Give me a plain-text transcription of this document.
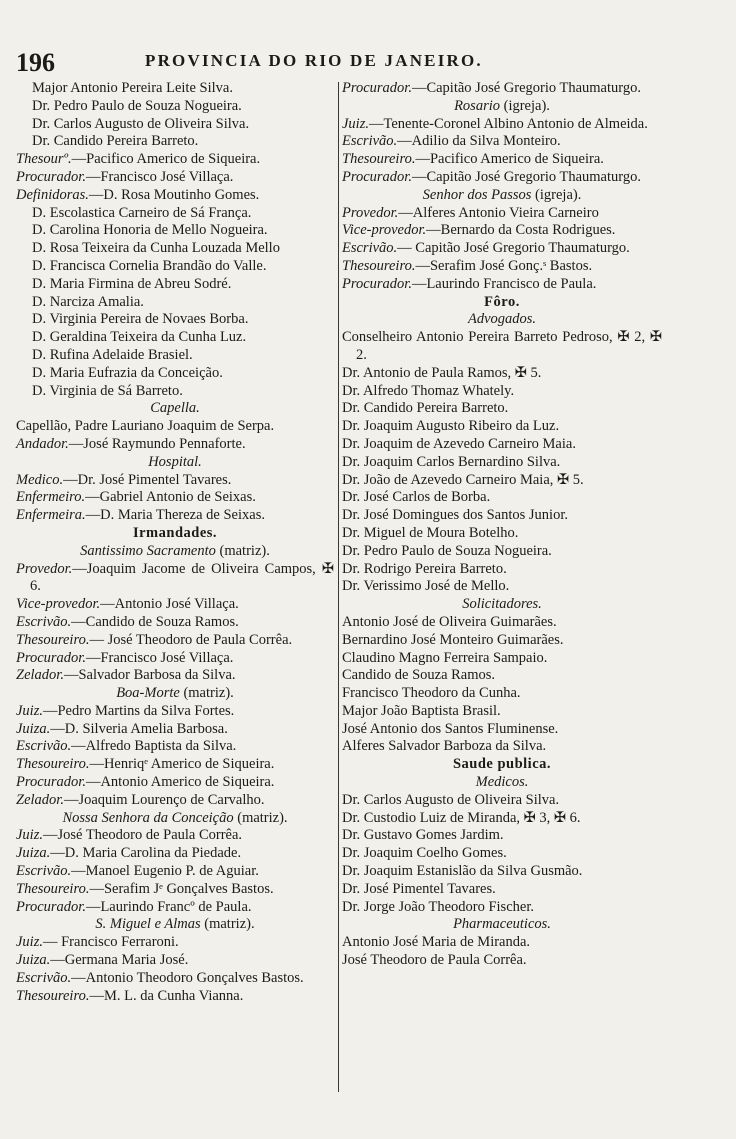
196	PROVINCIA DO RIO DE JANEIRO.

Major Antonio Pereira Leite Silva.

Dr. Pedro Paulo de Souza Nogueira.

Dr. Carlos Augusto de Oliveira Silva.

Dr. Candido Pereira Barreto.

Thesourº.—Pacifico Americo de Siqueira.

Procurador.—Francisco José Villaça.

Definidoras.—D. Rosa Moutinho Gomes.

D. Escolastica Carneiro de Sá França.

D. Carolina Honoria de Mello Nogueira.

D. Rosa Teixeira da Cunha Louzada Mello

D. Francisca Cornelia Brandão do Valle.

D. Maria Firmina de Abreu Sodré.

D. Narciza Amalia.

D. Virginia Pereira de Novaes Borba.

D. Geraldina Teixeira da Cunha Luz.

D. Rufina Adelaide Brasiel.

D. Maria Eufrazia da Conceição.

D. Virginia de Sá Barreto.

Capella.

Capellão, Padre Lauriano Joaquim de Serpa.

Andador.—José Raymundo Pennaforte.

Hospital.

Medico.—Dr. José Pimentel Tavares.

Enfermeiro.—Gabriel Antonio de Seixas.

Enfermeira.—D. Maria Thereza de Seixas.

Irmandades.

Santissimo Sacramento (matriz).

Provedor.—Joaquim Jacome de Oliveira Campos, ✠ 6.

Vice-provedor.—Antonio José Villaça.

Escrivão.—Candido de Souza Ramos.

Thesoureiro.— José Theodoro de Paula Corrêa.

Procurador.—Francisco José Villaça.

Zelador.—Salvador Barbosa da Silva.

Boa-Morte (matriz).

Juiz.—Pedro Martins da Silva Fortes.

Juiza.—D. Silveria Amelia Barbosa.

Escrivão.—Alfredo Baptista da Silva.

Thesoureiro.—Henriqᵉ Americo de Siqueira.

Procurador.—Antonio Americo de Siqueira.

Zelador.—Joaquim Lourenço de Carvalho.

Nossa Senhora da Conceição (matriz).

Juiz.—José Theodoro de Paula Corrêa.

Juiza.—D. Maria Carolina da Piedade.

Escrivão.—Manoel Eugenio P. de Aguiar.

Thesoureiro.—Serafim Jᵉ Gonçalves Bastos.

Procurador.—Laurindo Francº de Paula.

S. Miguel e Almas (matriz).

Juiz.— Francisco Ferraroni.

Juiza.—Germana Maria José.

Escrivão.—Antonio Theodoro Gonçalves Bastos.

Thesoureiro.—M. L. da Cunha Vianna.

Procurador.—Capitão José Gregorio Thaumaturgo.

Rosario (igreja).

Juiz.—Tenente-Coronel Albino Antonio de Almeida.

Escrivão.—Adilio da Silva Monteiro.

Thesoureiro.—Pacifico Americo de Siqueira.

Procurador.—Capitão José Gregorio Thaumaturgo.

Senhor dos Passos (igreja).

Provedor.—Alferes Antonio Vieira Carneiro

Vice-provedor.—Bernardo da Costa Rodrigues.

Escrivão.— Capitão José Gregorio Thaumaturgo.

Thesoureiro.—Serafim José Gonç.ˢ Bastos.

Procurador.—Laurindo Francisco de Paula.

Fôro.

Advogados.

Conselheiro Antonio Pereira Barreto Pedroso, ✠ 2, ✠ 2.

Dr. Antonio de Paula Ramos, ✠ 5.

Dr. Alfredo Thomaz Whately.

Dr. Candido Pereira Barreto.

Dr. Joaquim Augusto Ribeiro da Luz.

Dr. Joaquim de Azevedo Carneiro Maia.

Dr. Joaquim Carlos Bernardino Silva.

Dr. João de Azevedo Carneiro Maia, ✠ 5.

Dr. José Carlos de Borba.

Dr. José Domingues dos Santos Junior.

Dr. Miguel de Moura Botelho.

Dr. Pedro Paulo de Souza Nogueira.

Dr. Rodrigo Pereira Barreto.

Dr. Verissimo José de Mello.

Solicitadores.

Antonio José de Oliveira Guimarães.

Bernardino José Monteiro Guimarães.

Claudino Magno Ferreira Sampaio.

Candido de Souza Ramos.

Francisco Theodoro da Cunha.

Major João Baptista Brasil.

José Antonio dos Santos Fluminense.

Alferes Salvador Barboza da Silva.

Saude publica.

Medicos.

Dr. Carlos Augusto de Oliveira Silva.

Dr. Custodio Luiz de Miranda, ✠ 3, ✠ 6.

Dr. Gustavo Gomes Jardim.

Dr. Joaquim Coelho Gomes.

Dr. Joaquim Estanislão da Silva Gusmão.

Dr. José Pimentel Tavares.

Dr. Jorge João Theodoro Fischer.

Pharmaceuticos.

Antonio José Maria de Miranda.

José Theodoro de Paula Corrêa.
